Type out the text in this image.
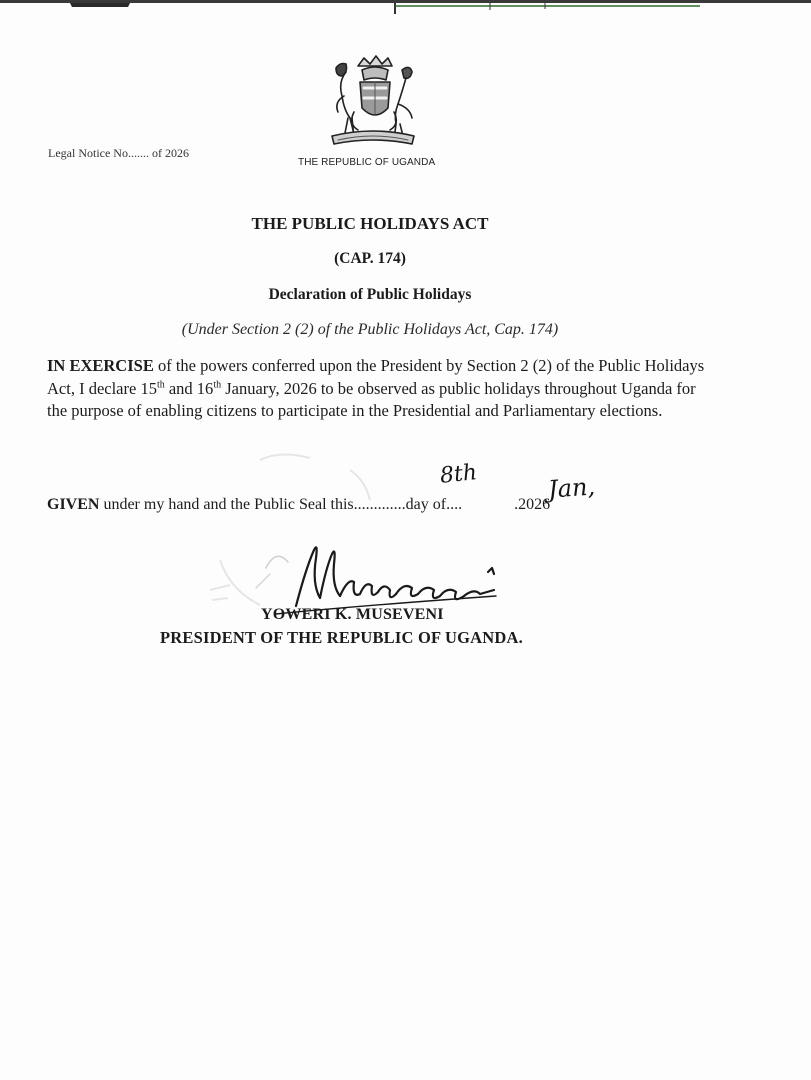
THE REPUBLIC OF UGANDA
Legal Notice No....... of 2026
THE PUBLIC HOLIDAYS ACT
(CAP. 174)
Declaration of Public Holidays
(Under Section 2 (2) of the Public Holidays Act, Cap. 174)
IN EXERCISE of the powers conferred upon the President by Section 2 (2) of the Public Holidays Act, I declare 15th and 16th January, 2026 to be observed as public holidays throughout Uganda for the purpose of enabling citizens to participate in the Presidential and Parliamentary elections.
GIVEN under my hand and the Public Seal this.............day of....	.2026
8th	Jan,
YOWERI K. MUSEVENI
PRESIDENT OF THE REPUBLIC OF UGANDA.
